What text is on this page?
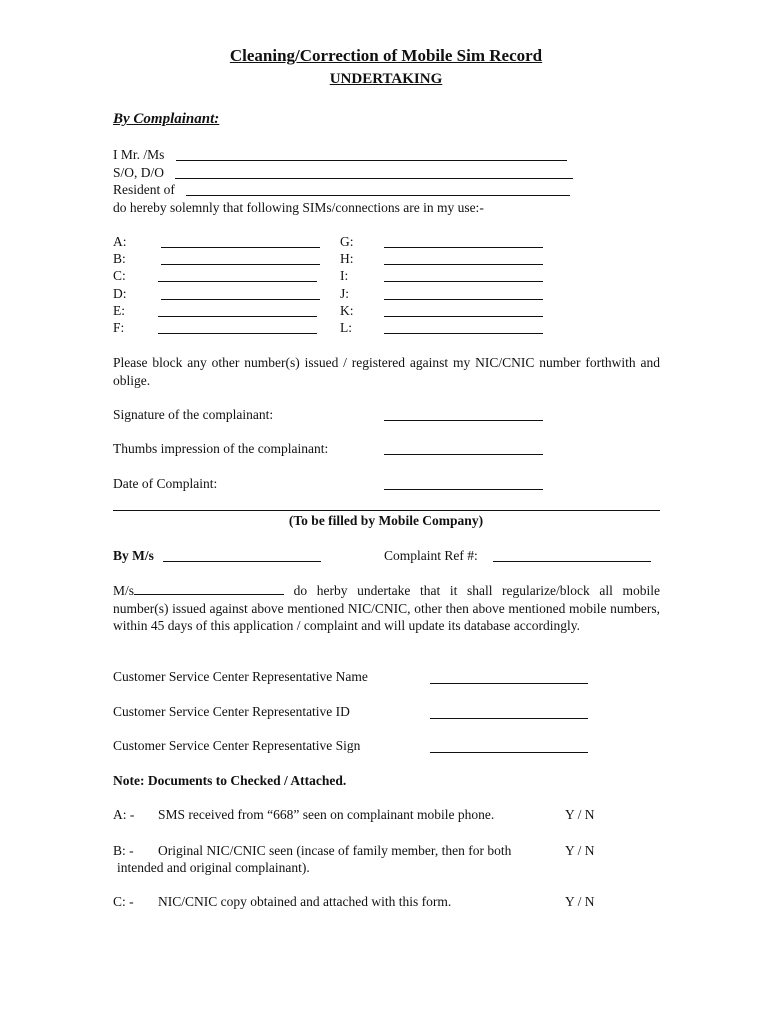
Cleaning/Correction of Mobile Sim Record
UNDERTAKING
By Complainant:
I Mr. /Ms
S/O, D/O
Resident of
do hereby solemnly that following SIMs/connections are in my use:-
A:
B:
C:
D:
E:
F:
G:
H:
I:
J:
K:
L:
Please block any other number(s) issued / registered against my NIC/CNIC number forthwith and oblige.
Signature of the complainant:
Thumbs impression of the complainant:
Date of Complaint:
(To be filled by Mobile Company)
By M/s	Complaint Ref #:
M/s	do herby undertake that it shall regularize/block all mobile number(s) issued against above mentioned NIC/CNIC, other then above mentioned mobile numbers, within 45 days of this application / complaint and will update its database accordingly.
Customer Service Center Representative Name
Customer Service Center Representative ID
Customer Service Center Representative Sign
Note: Documents to Checked / Attached.
A: - SMS received from “668” seen on complainant mobile phone.	Y / N
B: - Original NIC/CNIC seen (incase of family member, then for both
intended and original complainant).
Y / N
C: - NIC/CNIC copy obtained and attached with this form.	Y / N
